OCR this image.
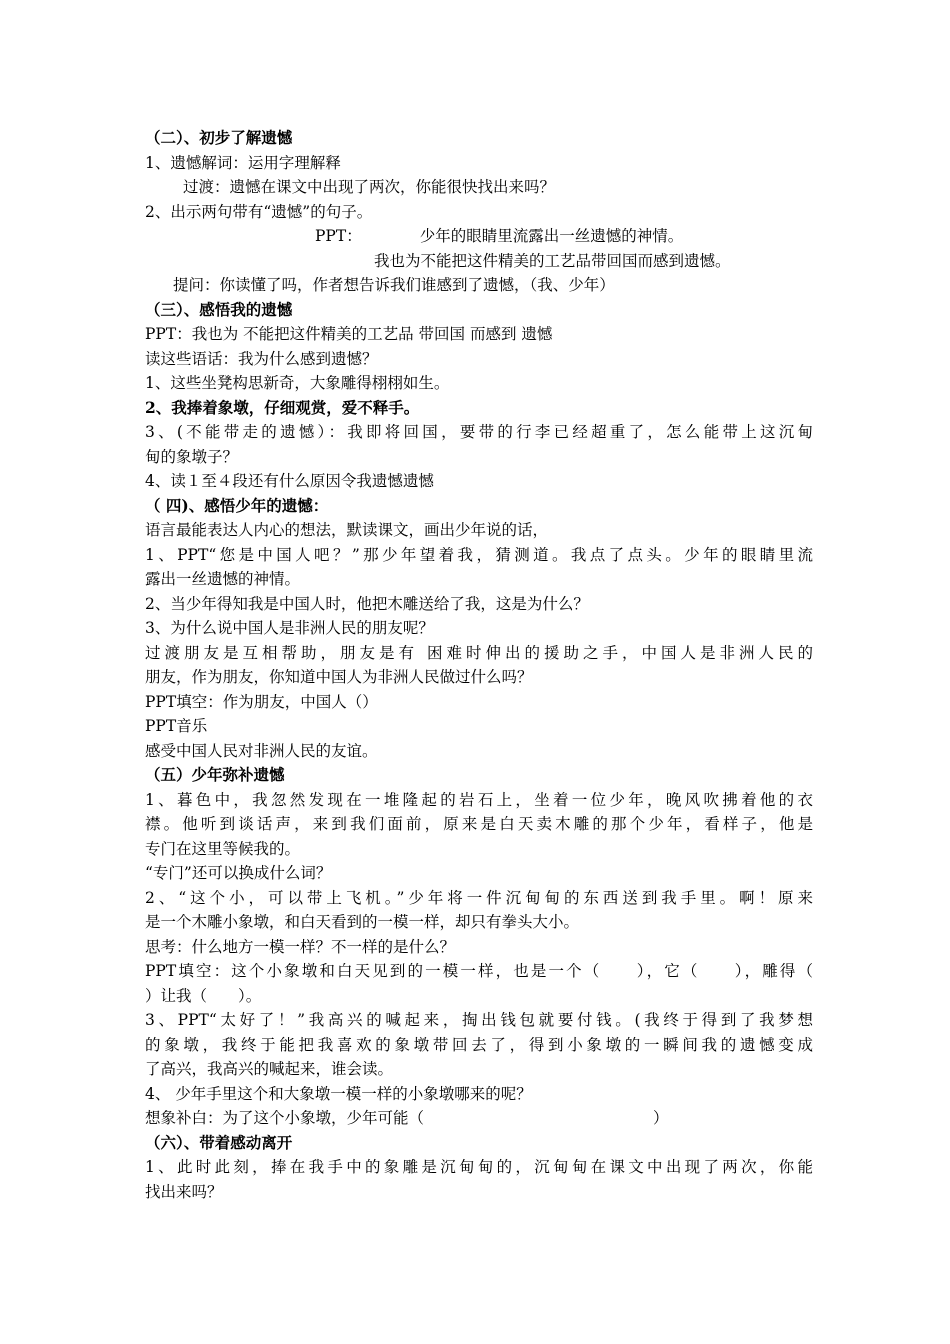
（二）、初步了解遗憾
1、遗憾解词：运用字理解释
过渡：遗憾在课文中出现了两次，你能很快找出来吗？
2、出示两句带有“遗憾”的句子。
PPT：	少年的眼睛里流露出一丝遗憾的神情。
我也为不能把这件精美的工艺品带回国而感到遗憾。
提问：你读懂了吗，作者想告诉我们谁感到了遗憾，（我、少年）
（三）、感悟我的遗憾
PPT：我也为 不能把这件精美的工艺品 带回国 而感到 遗憾
读这些语话：我为什么感到遗憾？
1、这些坐凳构思新奇，大象雕得栩栩如生。
2、我捧着象墩，仔细观赏，爱不释手。
3、(不能带走的遗憾）：我即将回国，要带的行李已经超重了，怎么能带上这沉甸
甸的象墩子？
4、读１至４段还有什么原因令我遗憾遗憾
（ 四)、感悟少年的遗憾：
语言最能表达人内心的想法，默读课文，画出少年说的话，
1、PPT“您是中国人吧？”那少年望着我，猜测道。我点了点头。少年的眼睛里流
露出一丝遗憾的神情。
2、当少年得知我是中国人时，他把木雕送给了我，这是为什么？
3、为什么说中国人是非洲人民的朋友呢？
过渡朋友是互相帮助，朋友是有 困难时伸出的援助之手，中国人是非洲人民的
朋友，作为朋友，你知道中国人为非洲人民做过什么吗？
PPT填空：作为朋友，中国人（）
PPT音乐
感受中国人民对非洲人民的友谊。
（五）少年弥补遗憾
1、暮色中，我忽然发现在一堆隆起的岩石上，坐着一位少年，晚风吹拂着他的衣
襟。他听到谈话声，来到我们面前，原来是白天卖木雕的那个少年，看样子，他是
专门在这里等候我的。
“专门”还可以换成什么词？
2、“这个小，可以带上飞机。”少年将一件沉甸甸的东西送到我手里。啊！原来
是一个木雕小象墩，和白天看到的一模一样，却只有拳头大小。
思考：什么地方一模一样？不一样的是什么？
PPT填空：这个小象墩和白天见到的一模一样，也是一个（　　），它（　　），雕得（
）让我（　　）。
3、PPT“太好了！”我高兴的喊起来，掏出钱包就要付钱。(我终于得到了我梦想
的象墩，我终于能把我喜欢的象墩带回去了，得到小象墩的一瞬间我的遗憾变成
了高兴，我高兴的喊起来，谁会读。
4、 少年手里这个和大象墩一模一样的小象墩哪来的呢？
想象补白：为了这个小象墩，少年可能（	）
（六）、带着感动离开
1、此时此刻，捧在我手中的象雕是沉甸甸的，沉甸甸在课文中出现了两次，你能
找出来吗？
